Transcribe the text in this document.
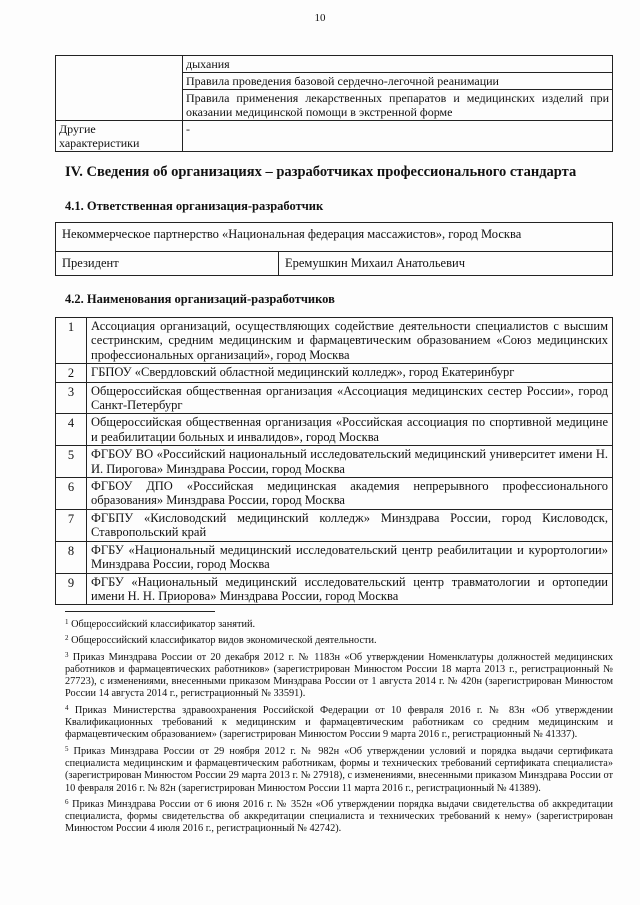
10
	дыхания
	Правила проведения базовой сердечно-легочной реанимации
	Правила применения лекарственных препаратов и медицинских изделий при оказании медицинской помощи в экстренной форме
Другие характеристики	-
IV. Сведения об организациях – разработчиках профессионального стандарта
4.1. Ответственная организация-разработчик
Некоммерческое партнерство «Национальная федерация массажистов», город Москва
Президент	Еремушкин Михаил Анатольевич
4.2. Наименования организаций-разработчиков
1	Ассоциация организаций, осуществляющих содействие деятельности специалистов с высшим сестринским, средним медицинским и фармацевтическим образованием «Союз медицинских профессиональных организаций», город Москва
2	ГБПОУ «Свердловский областной медицинский колледж», город Екатеринбург
3	Общероссийская общественная организация «Ассоциация медицинских сестер России», город Санкт-Петербург
4	Общероссийская общественная организация «Российская ассоциация по спортивной медицине и реабилитации больных и инвалидов», город Москва
5	ФГБОУ ВО «Российский национальный исследовательский медицинский университет имени Н. И. Пирогова» Минздрава России, город Москва
6	ФГБОУ ДПО «Российская медицинская академия непрерывного профессионального образования» Минздрава России, город Москва
7	ФГБПУ «Кисловодский медицинский колледж» Минздрава России, город Кисловодск, Ставропольский край
8	ФГБУ «Национальный медицинский исследовательский центр реабилитации и курортологии» Минздрава России, город Москва
9	ФГБУ «Национальный медицинский исследовательский центр травматологии и ортопедии имени Н. Н. Приорова» Минздрава России, город Москва

$^1$ Общероссийский классификатор занятий.

$^2$ Общероссийский классификатор видов экономической деятельности.

$^3$ Приказ Минздрава России от 20 декабря 2012 г. № 1183н «Об утверждении Номенклатуры должностей медицинских работников и фармацевтических работников» (зарегистрирован Минюстом России 18 марта 2013 г., регистрационный № 27723), с изменениями, внесенными приказом Минздрава России от 1 августа 2014 г. № 420н (зарегистрирован Минюстом России 14 августа 2014 г., регистрационный № 33591).

$^4$ Приказ Министерства здравоохранения Российской Федерации от 10 февраля 2016 г. № 83н «Об утверждении Квалификационных требований к медицинским и фармацевтическим работникам со средним медицинским и фармацевтическим образованием» (зарегистрирован Минюстом России 9 марта 2016 г., регистрационный № 41337).

$^5$ Приказ Минздрава России от 29 ноября 2012 г. № 982н «Об утверждении условий и порядка выдачи сертификата специалиста медицинским и фармацевтическим работникам, формы и технических требований сертификата специалиста» (зарегистрирован Минюстом России 29 марта 2013 г. № 27918), с изменениями, внесенными приказом Минздрава России от 10 февраля 2016 г. № 82н (зарегистрирован Минюстом России 11 марта 2016 г., регистрационный № 41389).

$^6$ Приказ Минздрава России от 6 июня 2016 г. № 352н «Об утверждении порядка выдачи свидетельства об аккредитации специалиста, формы свидетельства об аккредитации специалиста и технических требований к нему» (зарегистрирован Минюстом России 4 июля 2016 г., регистрационный № 42742).
